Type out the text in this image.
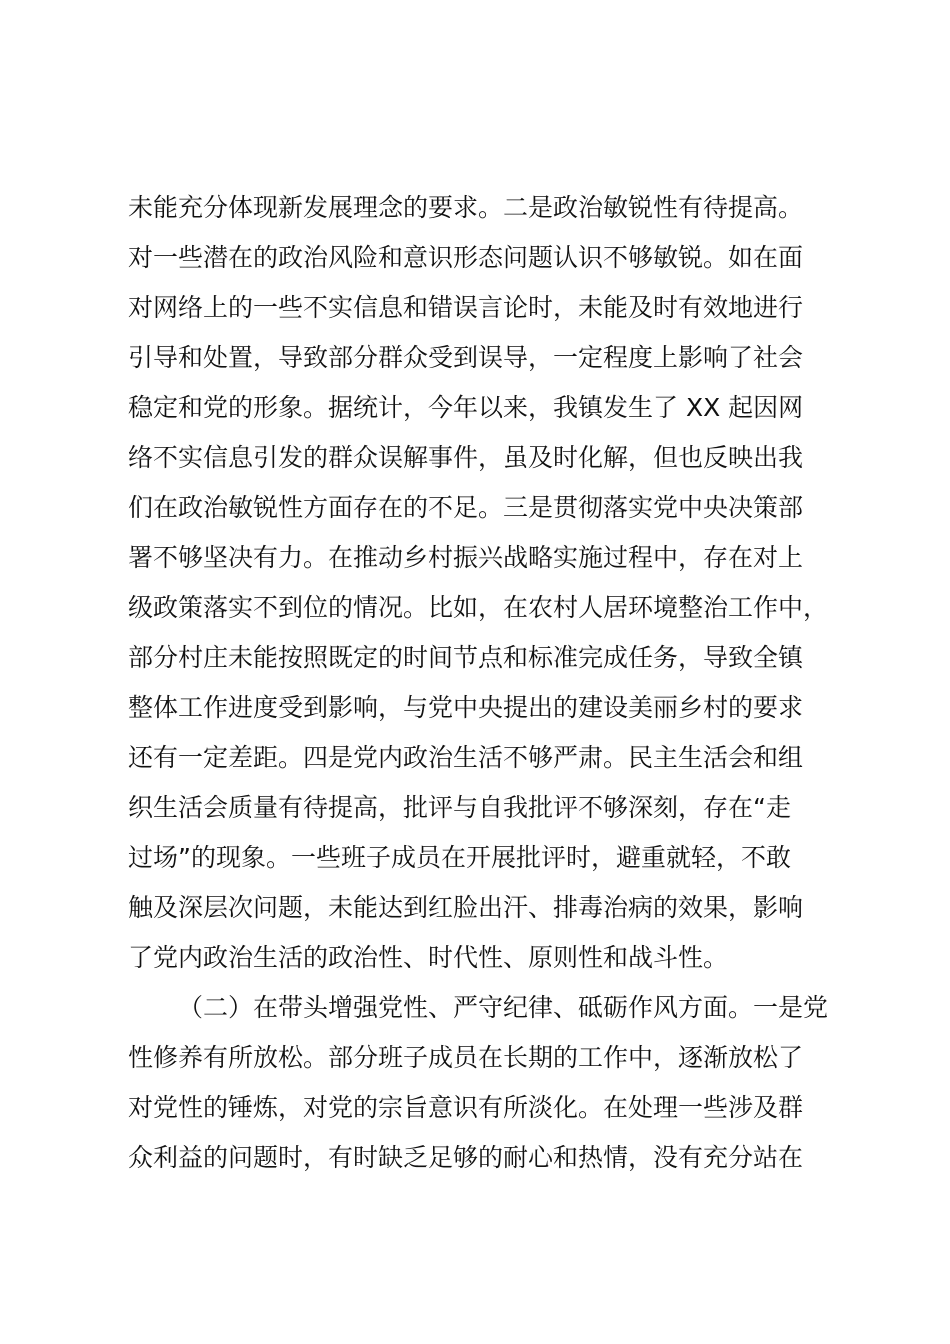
未能充分体现新发展理念的要求。二是政治敏锐性有待提高。
对一些潜在的政治风险和意识形态问题认识不够敏锐。如在面
对网络上的一些不实信息和错误言论时，未能及时有效地进行
引导和处置，导致部分群众受到误导，一定程度上影响了社会
稳定和党的形象。据统计，今年以来，我镇发生了 XX 起因网
络不实信息引发的群众误解事件，虽及时化解，但也反映出我
们在政治敏锐性方面存在的不足。三是贯彻落实党中央决策部
署不够坚决有力。在推动乡村振兴战略实施过程中，存在对上
级政策落实不到位的情况。比如，在农村人居环境整治工作中，
部分村庄未能按照既定的时间节点和标准完成任务，导致全镇
整体工作进度受到影响，与党中央提出的建设美丽乡村的要求
还有一定差距。四是党内政治生活不够严肃。民主生活会和组
织生活会质量有待提高，批评与自我批评不够深刻，存在“走
过场”的现象。一些班子成员在开展批评时，避重就轻，不敢
触及深层次问题，未能达到红脸出汗、排毒治病的效果，影响
了党内政治生活的政治性、时代性、原则性和战斗性。
（二）在带头增强党性、严守纪律、砥砺作风方面。一是党
性修养有所放松。部分班子成员在长期的工作中，逐渐放松了
对党性的锤炼，对党的宗旨意识有所淡化。在处理一些涉及群
众利益的问题时，有时缺乏足够的耐心和热情，没有充分站在
